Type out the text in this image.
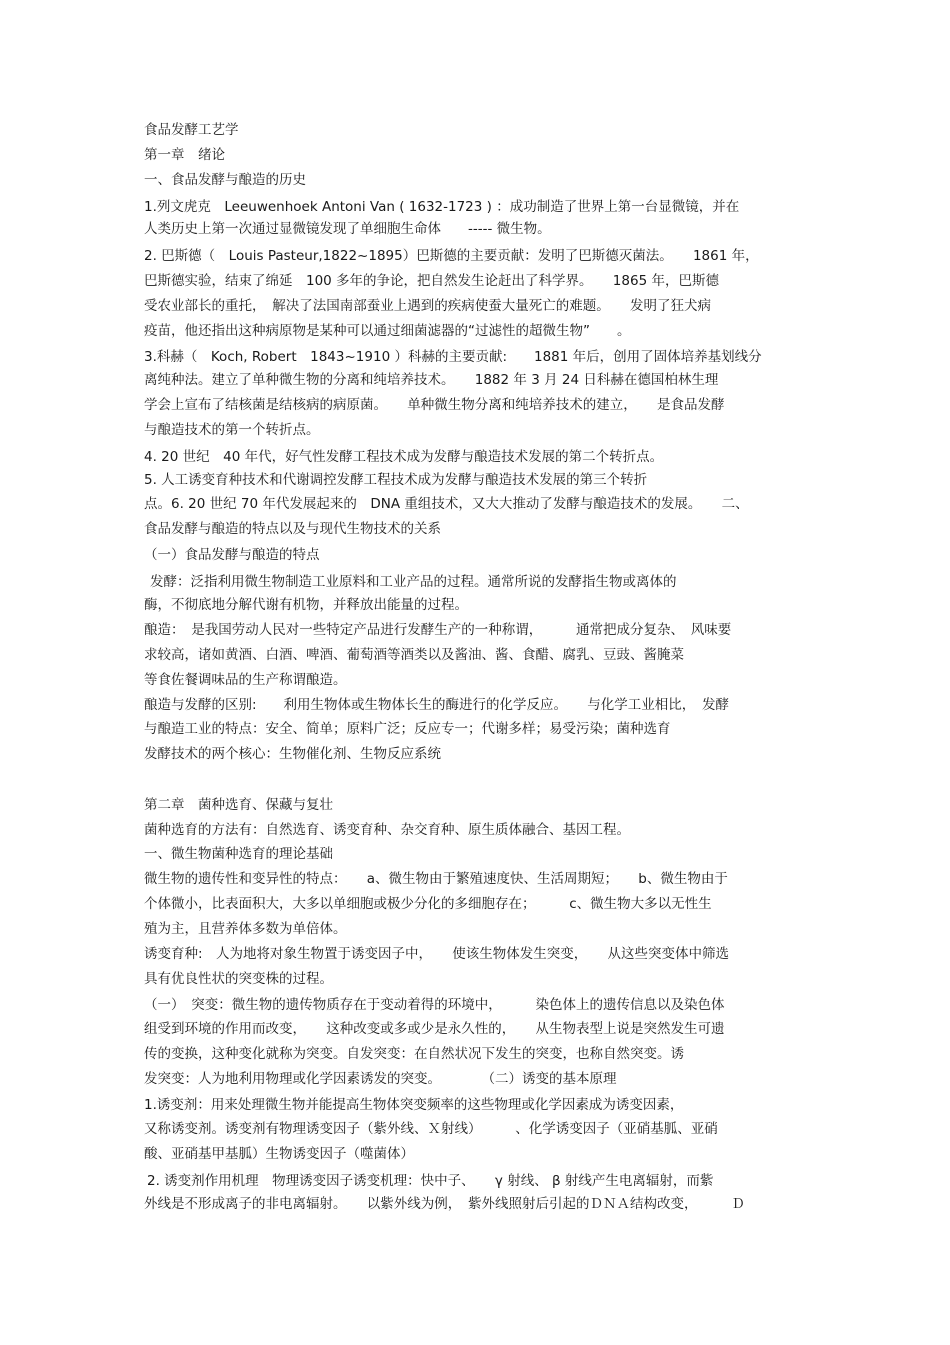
食品发酵工艺学
第一章　绪论
一、食品发酵与酿造的历史
1.列文虎克　Leeuwenhoek Antoni Van ( 1632-1723 ) ：成功制造了世界上第一台显微镜，并在
人类历史上第一次通过显微镜发现了单细胞生命体　　----- 微生物。
2. 巴斯德（　Louis Pasteur,1822~1895）巴斯德的主要贡献：发明了巴斯德灭菌法。　　1861 年，
巴斯德实验，结束了绵延　100 多年的争论，把自然发生论赶出了科学界。　　1865 年，巴斯德
受农业部长的重托，　解决了法国南部蚕业上遇到的疾病使蚕大量死亡的难题。　　发明了狂犬病
疫苗，他还指出这种病原物是某种可以通过细菌滤器的“过滤性的超微生物”　　。
3.科赫（　Koch, Robert　1843~1910 ）科赫的主要贡献:　　1881 年后，创用了固体培养基划线分
离纯种法。建立了单种微生物的分离和纯培养技术。　　1882 年 3 月 24 日科赫在德国柏林生理
学会上宣布了结核菌是结核病的病原菌。　　单种微生物分离和纯培养技术的建立，　　是食品发酵
与酿造技术的第一个转折点。
4. 20 世纪　40 年代，好气性发酵工程技术成为发酵与酿造技术发展的第二个转折点。
5. 人工诱变育种技术和代谢调控发酵工程技术成为发酵与酿造技术发展的第三个转折
点。6. 20 世纪 70 年代发展起来的　DNA 重组技术，又大大推动了发酵与酿造技术的发展。　　二、
食品发酵与酿造的特点以及与现代生物技术的关系
（一）食品发酵与酿造的特点
发酵：泛指利用微生物制造工业原料和工业产品的过程。通常所说的发酵指生物或离体的
酶，不彻底地分解代谢有机物，并释放出能量的过程。
酿造：　是我国劳动人民对一些特定产品进行发酵生产的一种称谓，　　　通常把成分复杂、　风味要
求较高，诸如黄酒、白酒、啤酒、葡萄酒等酒类以及酱油、酱、食醋、腐乳、豆豉、酱腌菜
等食佐餐调味品的生产称谓酿造。
酿造与发酵的区别:　　利用生物体或生物体长生的酶进行的化学反应。　　与化学工业相比，　发酵
与酿造工业的特点：安全、简单；原料广泛；反应专一；代谢多样；易受污染；菌种选育
发酵技术的两个核心：生物催化剂、生物反应系统
第二章　菌种选育、保藏与复壮
菌种选育的方法有：自然选育、诱变育种、杂交育种、原生质体融合、基因工程。
一、微生物菌种选育的理论基础
微生物的遗传性和变异性的特点：　　a、微生物由于繁殖速度快、生活周期短；　　b、微生物由于
个体微小，比表面积大，大多以单细胞或极少分化的多细胞存在；　　　c、微生物大多以无性生
殖为主，且营养体多数为单倍体。
诱变育种:　人为地将对象生物置于诱变因子中，　　使该生物体发生突变，　　从这些突变体中筛选
具有优良性状的突变株的过程。
（一）　突变：微生物的遗传物质存在于变动着得的环境中，　　　染色体上的遗传信息以及染色体
组受到环境的作用而改变，　　这种改变或多或少是永久性的，　　从生物表型上说是突然发生可遗
传的变换，这种变化就称为突变。自发突变：在自然状况下发生的突变，也称自然突变。诱
发突变：人为地利用物理或化学因素诱发的突变。　　　　（二）诱变的基本原理
1.诱变剂：用来处理微生物并能提高生物体突变频率的这些物理或化学因素成为诱变因素，
又称诱变剂。诱变剂有物理诱变因子（紫外线、Ｘ射线）　　　、化学诱变因子（亚硝基胍、亚硝
酸、亚硝基甲基胍）生物诱变因子（噬菌体）
2. 诱变剂作用机理　物理诱变因子诱变机理：快中子、　　γ 射线、 β 射线产生电离辐射，而紫
外线是不形成离子的非电离辐射。　　以紫外线为例，　紫外线照射后引起的ＤＮＡ结构改变，　　　Ｄ
